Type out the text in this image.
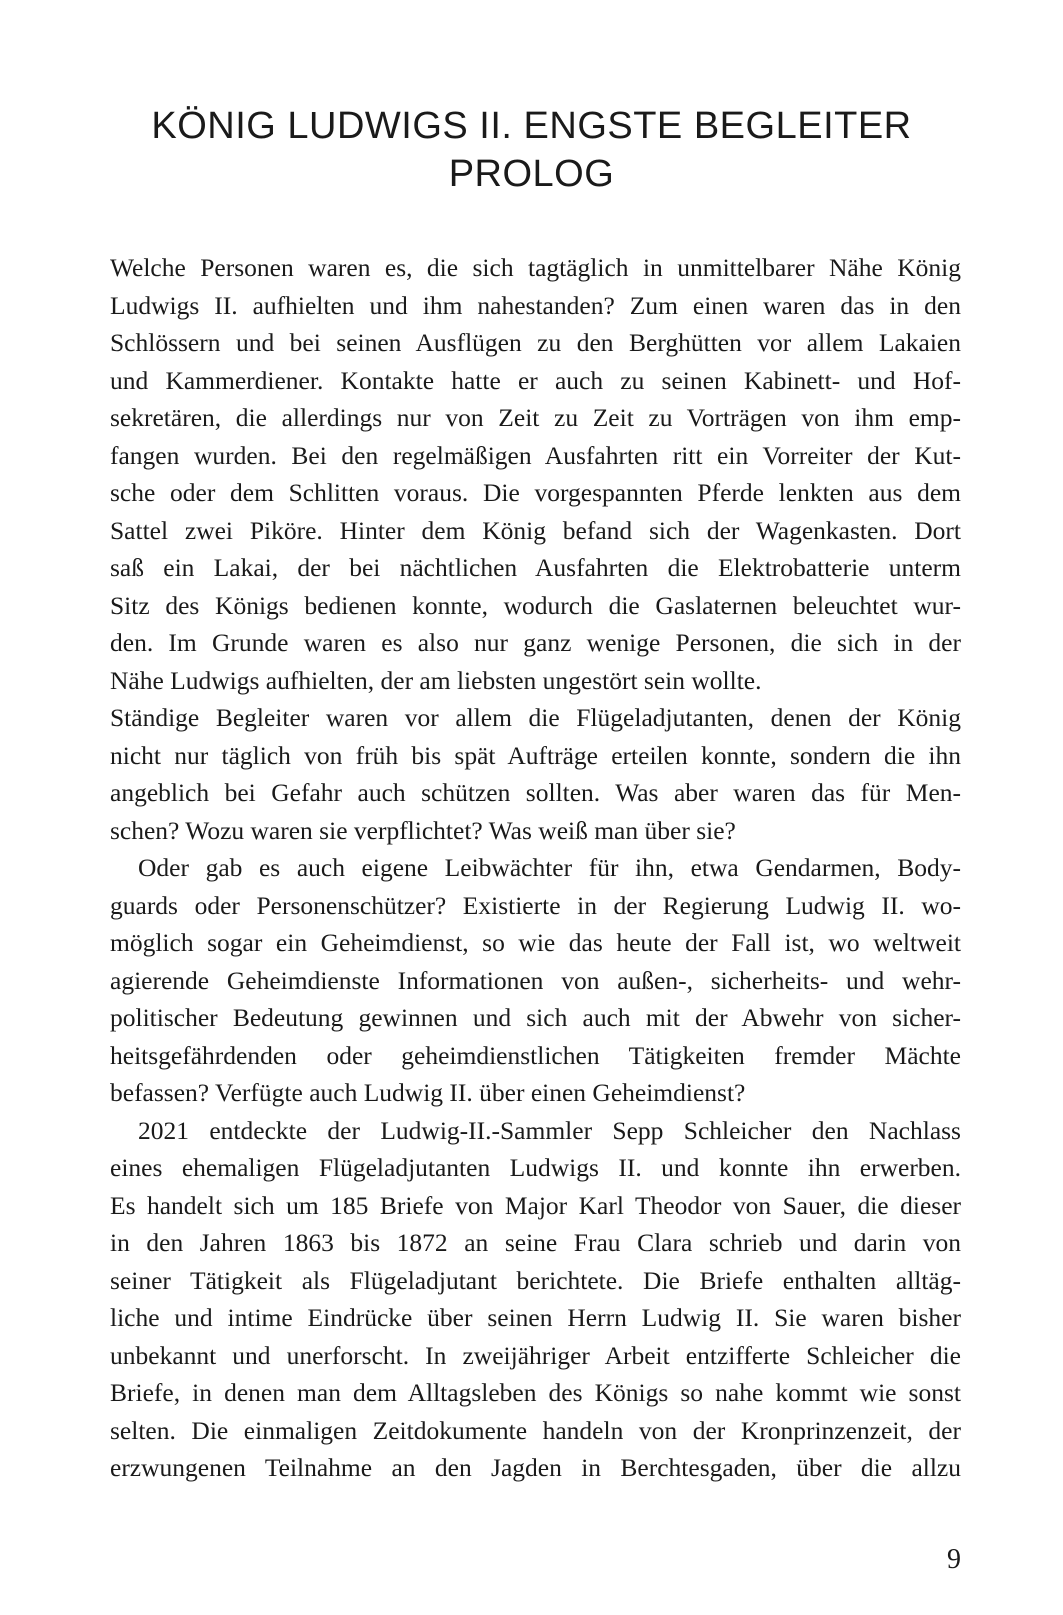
KÖNIG LUDWIGS II. ENGSTE BEGLEITER
PROLOG
Welche Personen waren es, die sich tagtäglich in unmittelbarer Nähe König
Ludwigs II. aufhielten und ihm nahestanden? Zum einen waren das in den
Schlössern und bei seinen Ausflügen zu den Berghütten vor allem Lakaien
und Kammerdiener. Kontakte hatte er auch zu seinen Kabinett- und Hof-
sekretären, die allerdings nur von Zeit zu Zeit zu Vorträgen von ihm emp-
fangen wurden. Bei den regelmäßigen Ausfahrten ritt ein Vorreiter der Kut-
sche oder dem Schlitten voraus. Die vorgespannten Pferde lenkten aus dem
Sattel zwei Piköre. Hinter dem König befand sich der Wagenkasten. Dort
saß ein Lakai, der bei nächtlichen Ausfahrten die Elektrobatterie unterm
Sitz des Königs bedienen konnte, wodurch die Gaslaternen beleuchtet wur-
den. Im Grunde waren es also nur ganz wenige Personen, die sich in der
Nähe Ludwigs aufhielten, der am liebsten ungestört sein wollte.
Ständige Begleiter waren vor allem die Flügeladjutanten, denen der König
nicht nur täglich von früh bis spät Aufträge erteilen konnte, sondern die ihn
angeblich bei Gefahr auch schützen sollten. Was aber waren das für Men-
schen? Wozu waren sie verpflichtet? Was weiß man über sie?
Oder gab es auch eigene Leibwächter für ihn, etwa Gendarmen, Body-
guards oder Personenschützer? Existierte in der Regierung Ludwig II. wo-
möglich sogar ein Geheimdienst, so wie das heute der Fall ist, wo weltweit
agierende Geheimdienste Informationen von außen-, sicherheits- und wehr-
politischer Bedeutung gewinnen und sich auch mit der Abwehr von sicher-
heitsgefährdenden oder geheimdienstlichen Tätigkeiten fremder Mächte
befassen? Verfügte auch Ludwig II. über einen Geheimdienst?
2021 entdeckte der Ludwig-II.-Sammler Sepp Schleicher den Nachlass
eines ehemaligen Flügeladjutanten Ludwigs II. und konnte ihn erwerben.
Es handelt sich um 185 Briefe von Major Karl Theodor von Sauer, die dieser
in den Jahren 1863 bis 1872 an seine Frau Clara schrieb und darin von
seiner Tätigkeit als Flügeladjutant berichtete. Die Briefe enthalten alltäg-
liche und intime Eindrücke über seinen Herrn Ludwig II. Sie waren bisher
unbekannt und unerforscht. In zweijähriger Arbeit entzifferte Schleicher die
Briefe, in denen man dem Alltagsleben des Königs so nahe kommt wie sonst
selten. Die einmaligen Zeitdokumente handeln von der Kronprinzenzeit, der
erzwungenen Teilnahme an den Jagden in Berchtesgaden, über die allzu
9
